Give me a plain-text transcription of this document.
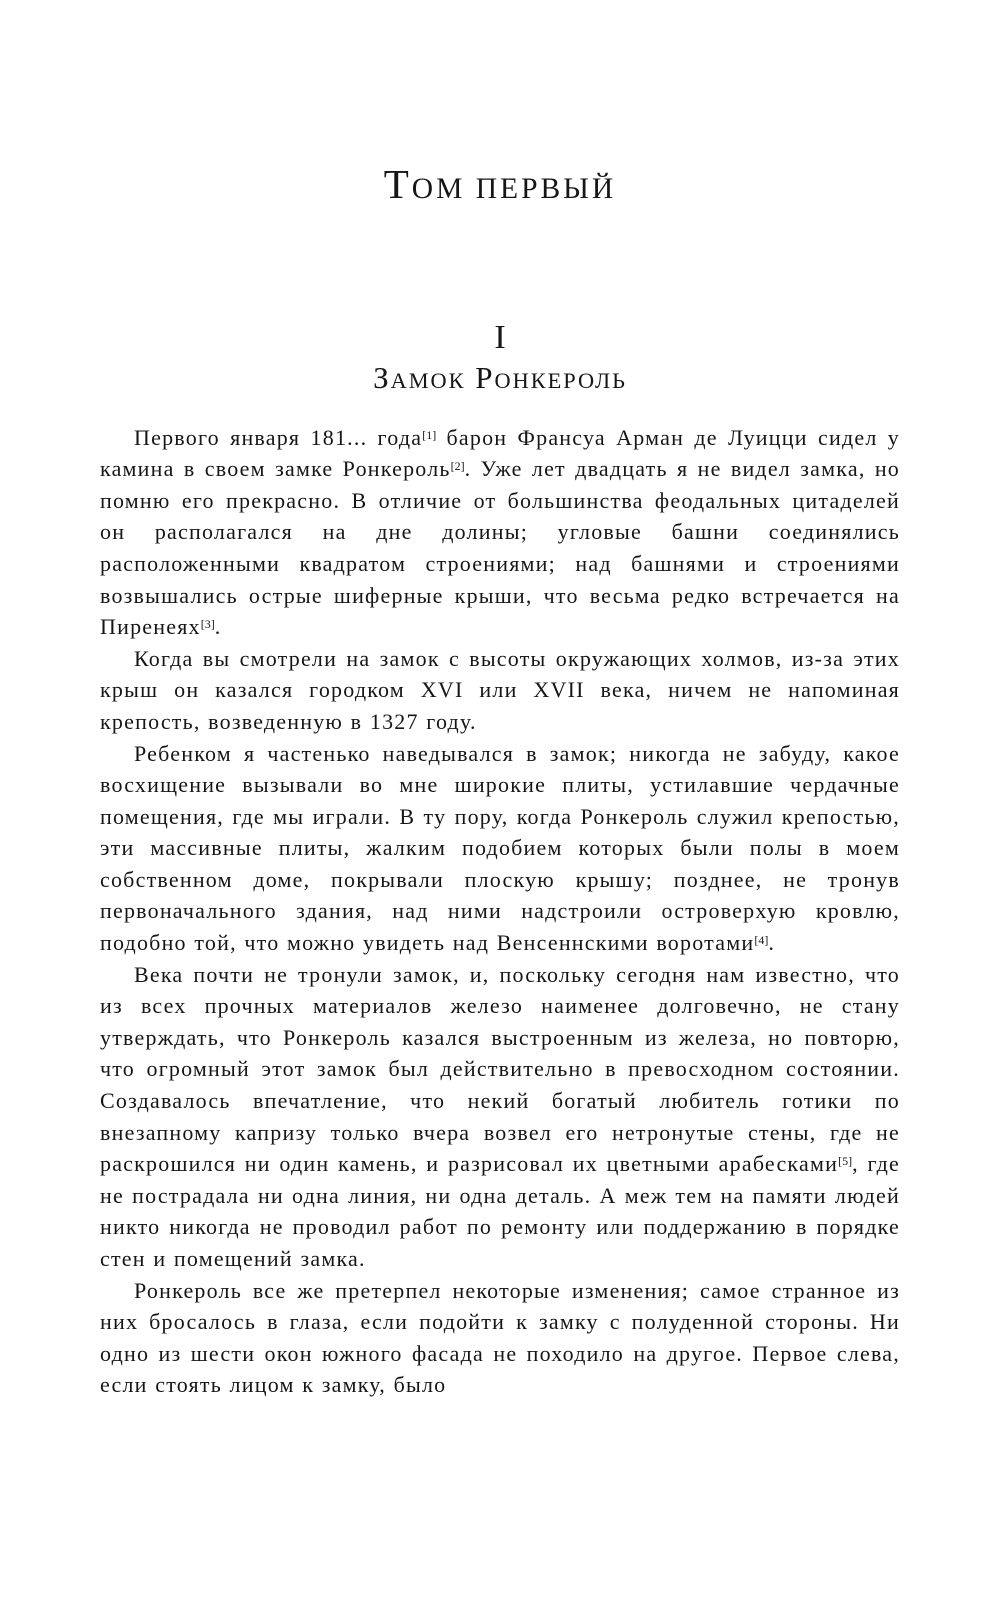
ТОМ ПЕРВЫЙ
I
ЗАМОК РОНКЕРОЛЬ

Первого января 181... года[1] барон Франсуа Арман де Луицци сидел у камина в своем замке Ронкероль[2]. Уже лет двадцать я не видел замка, но помню его прекрасно. В отличие от большинства феодальных цитаделей он располагался на дне долины; угловые башни соединялись расположенными квадратом строениями; над башнями и строениями возвышались острые шиферные крыши, что весьма редко встречается на Пиренеях[3].

Когда вы смотрели на замок с высоты окружающих холмов, из-за этих крыш он казался городком XVI или XVII века, ничем не напоминая крепость, возведенную в 1327 году.

Ребенком я частенько наведывался в замок; никогда не забуду, какое восхищение вызывали во мне широкие плиты, устилавшие чердачные помещения, где мы играли. В ту пору, когда Ронкероль служил крепостью, эти массивные плиты, жалким подобием которых были полы в моем собственном доме, покрывали плоскую крышу; позднее, не тронув первоначального здания, над ними надстроили островерхую кровлю, подобно той, что можно увидеть над Венсеннскими воротами[4].

Века почти не тронули замок, и, поскольку сегодня нам известно, что из всех прочных материалов железо наименее долговечно, не стану утверждать, что Ронкероль казался выстроенным из железа, но повторю, что огромный этот замок был действительно в превосходном состоянии. Создавалось впечатление, что некий богатый любитель готики по внезапному капризу только вчера возвел его нетронутые стены, где не раскрошился ни один камень, и разрисовал их цветными арабесками[5], где не пострадала ни одна линия, ни одна деталь. А меж тем на памяти людей никто никогда не проводил работ по ремонту или поддержанию в порядке стен и помещений замка.

Ронкероль все же претерпел некоторые изменения; самое странное из них бросалось в глаза, если подойти к замку с полуденной стороны. Ни одно из шести окон южного фасада не походило на другое. Первое слева, если стоять лицом к замку, было
